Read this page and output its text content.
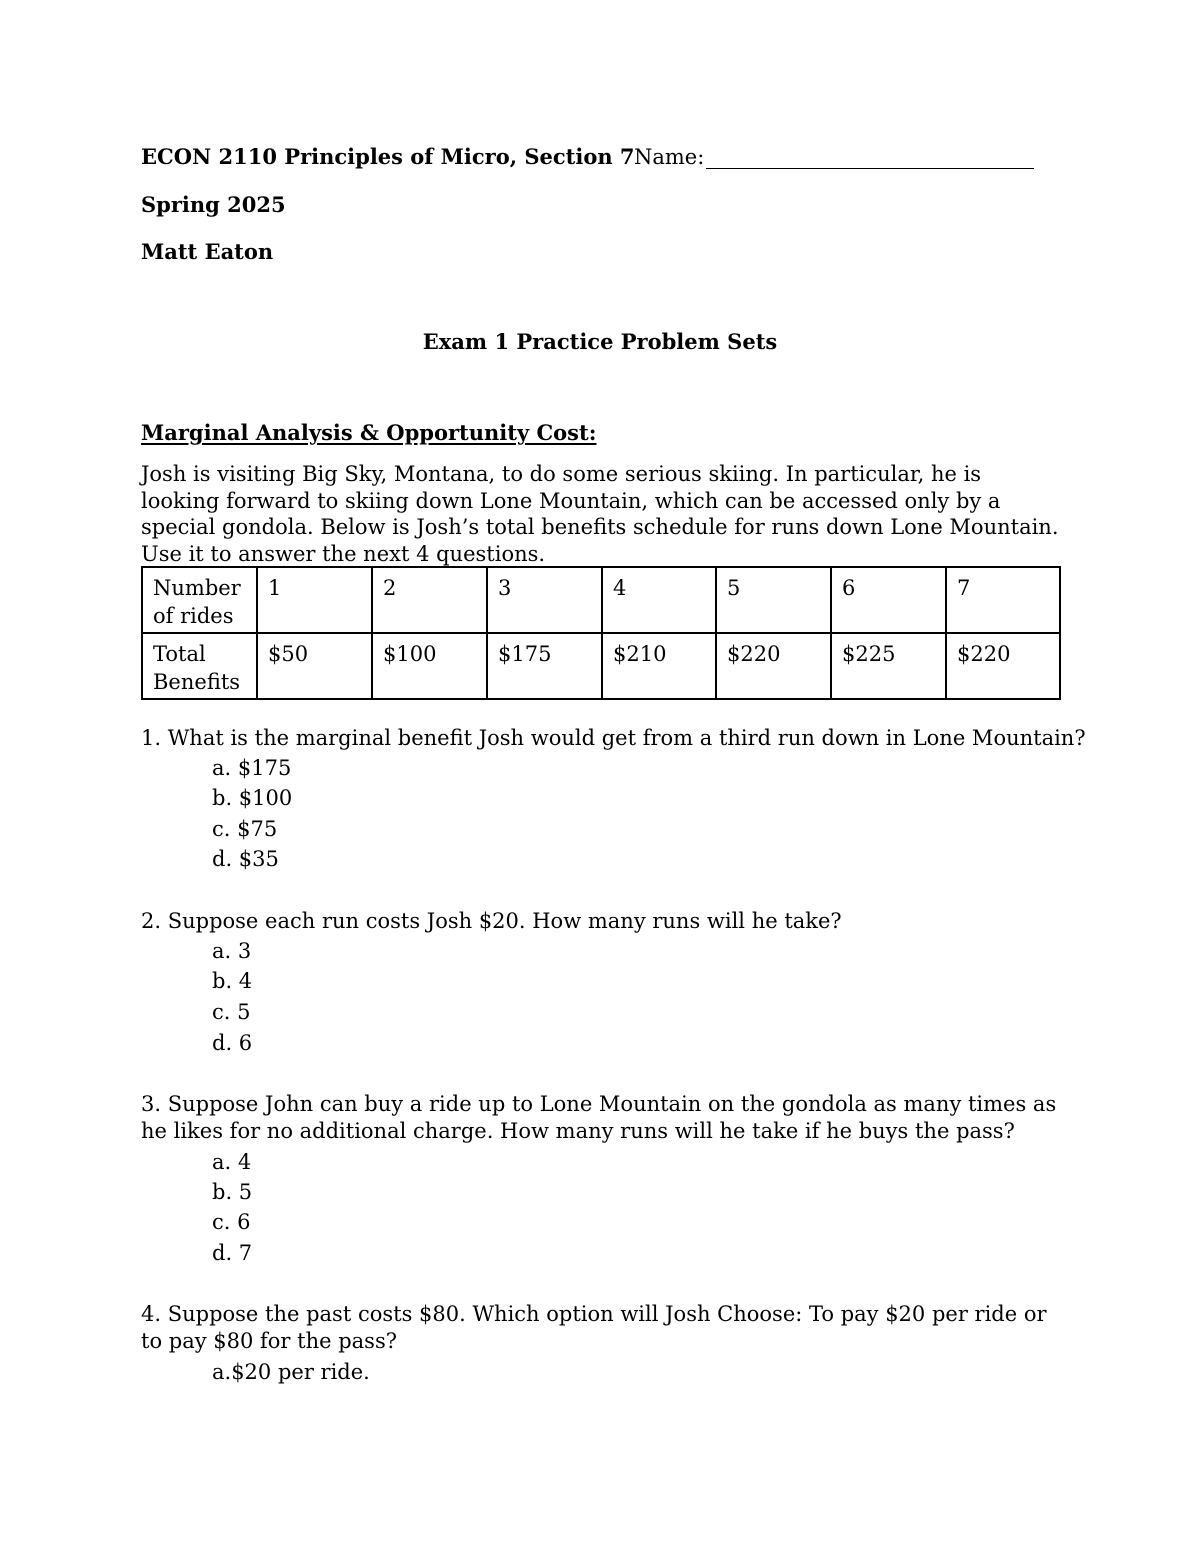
ECON 2110 Principles of Micro, Section 7 Name:
Spring 2025
Matt Eaton
Exam 1 Practice Problem Sets
Marginal Analysis & Opportunity Cost:
Josh is visiting Big Sky, Montana, to do some serious skiing. In particular, he is looking forward to skiing down Lone Mountain, which can be accessed only by a special gondola. Below is Josh’s total benefits schedule for runs down Lone Mountain. Use it to answer the next 4 questions.
Number
of rides	1	2	3	4	5	6	7
Total
Benefits	$50	$100	$175	$210	$220	$225	$220
1. What is the marginal benefit Josh would get from a third run down in Lone Mountain?
a. $175
b. $100
c. $75
d. $35
2. Suppose each run costs Josh $20. How many runs will he take?
a. 3
b. 4
c. 5
d. 6
3. Suppose John can buy a ride up to Lone Mountain on the gondola as many times as he likes for no additional charge. How many runs will he take if he buys the pass?
a. 4
b. 5
c. 6
d. 7
4. Suppose the past costs $80. Which option will Josh Choose: To pay $20 per ride or to pay $80 for the pass?
a.$20 per ride.
